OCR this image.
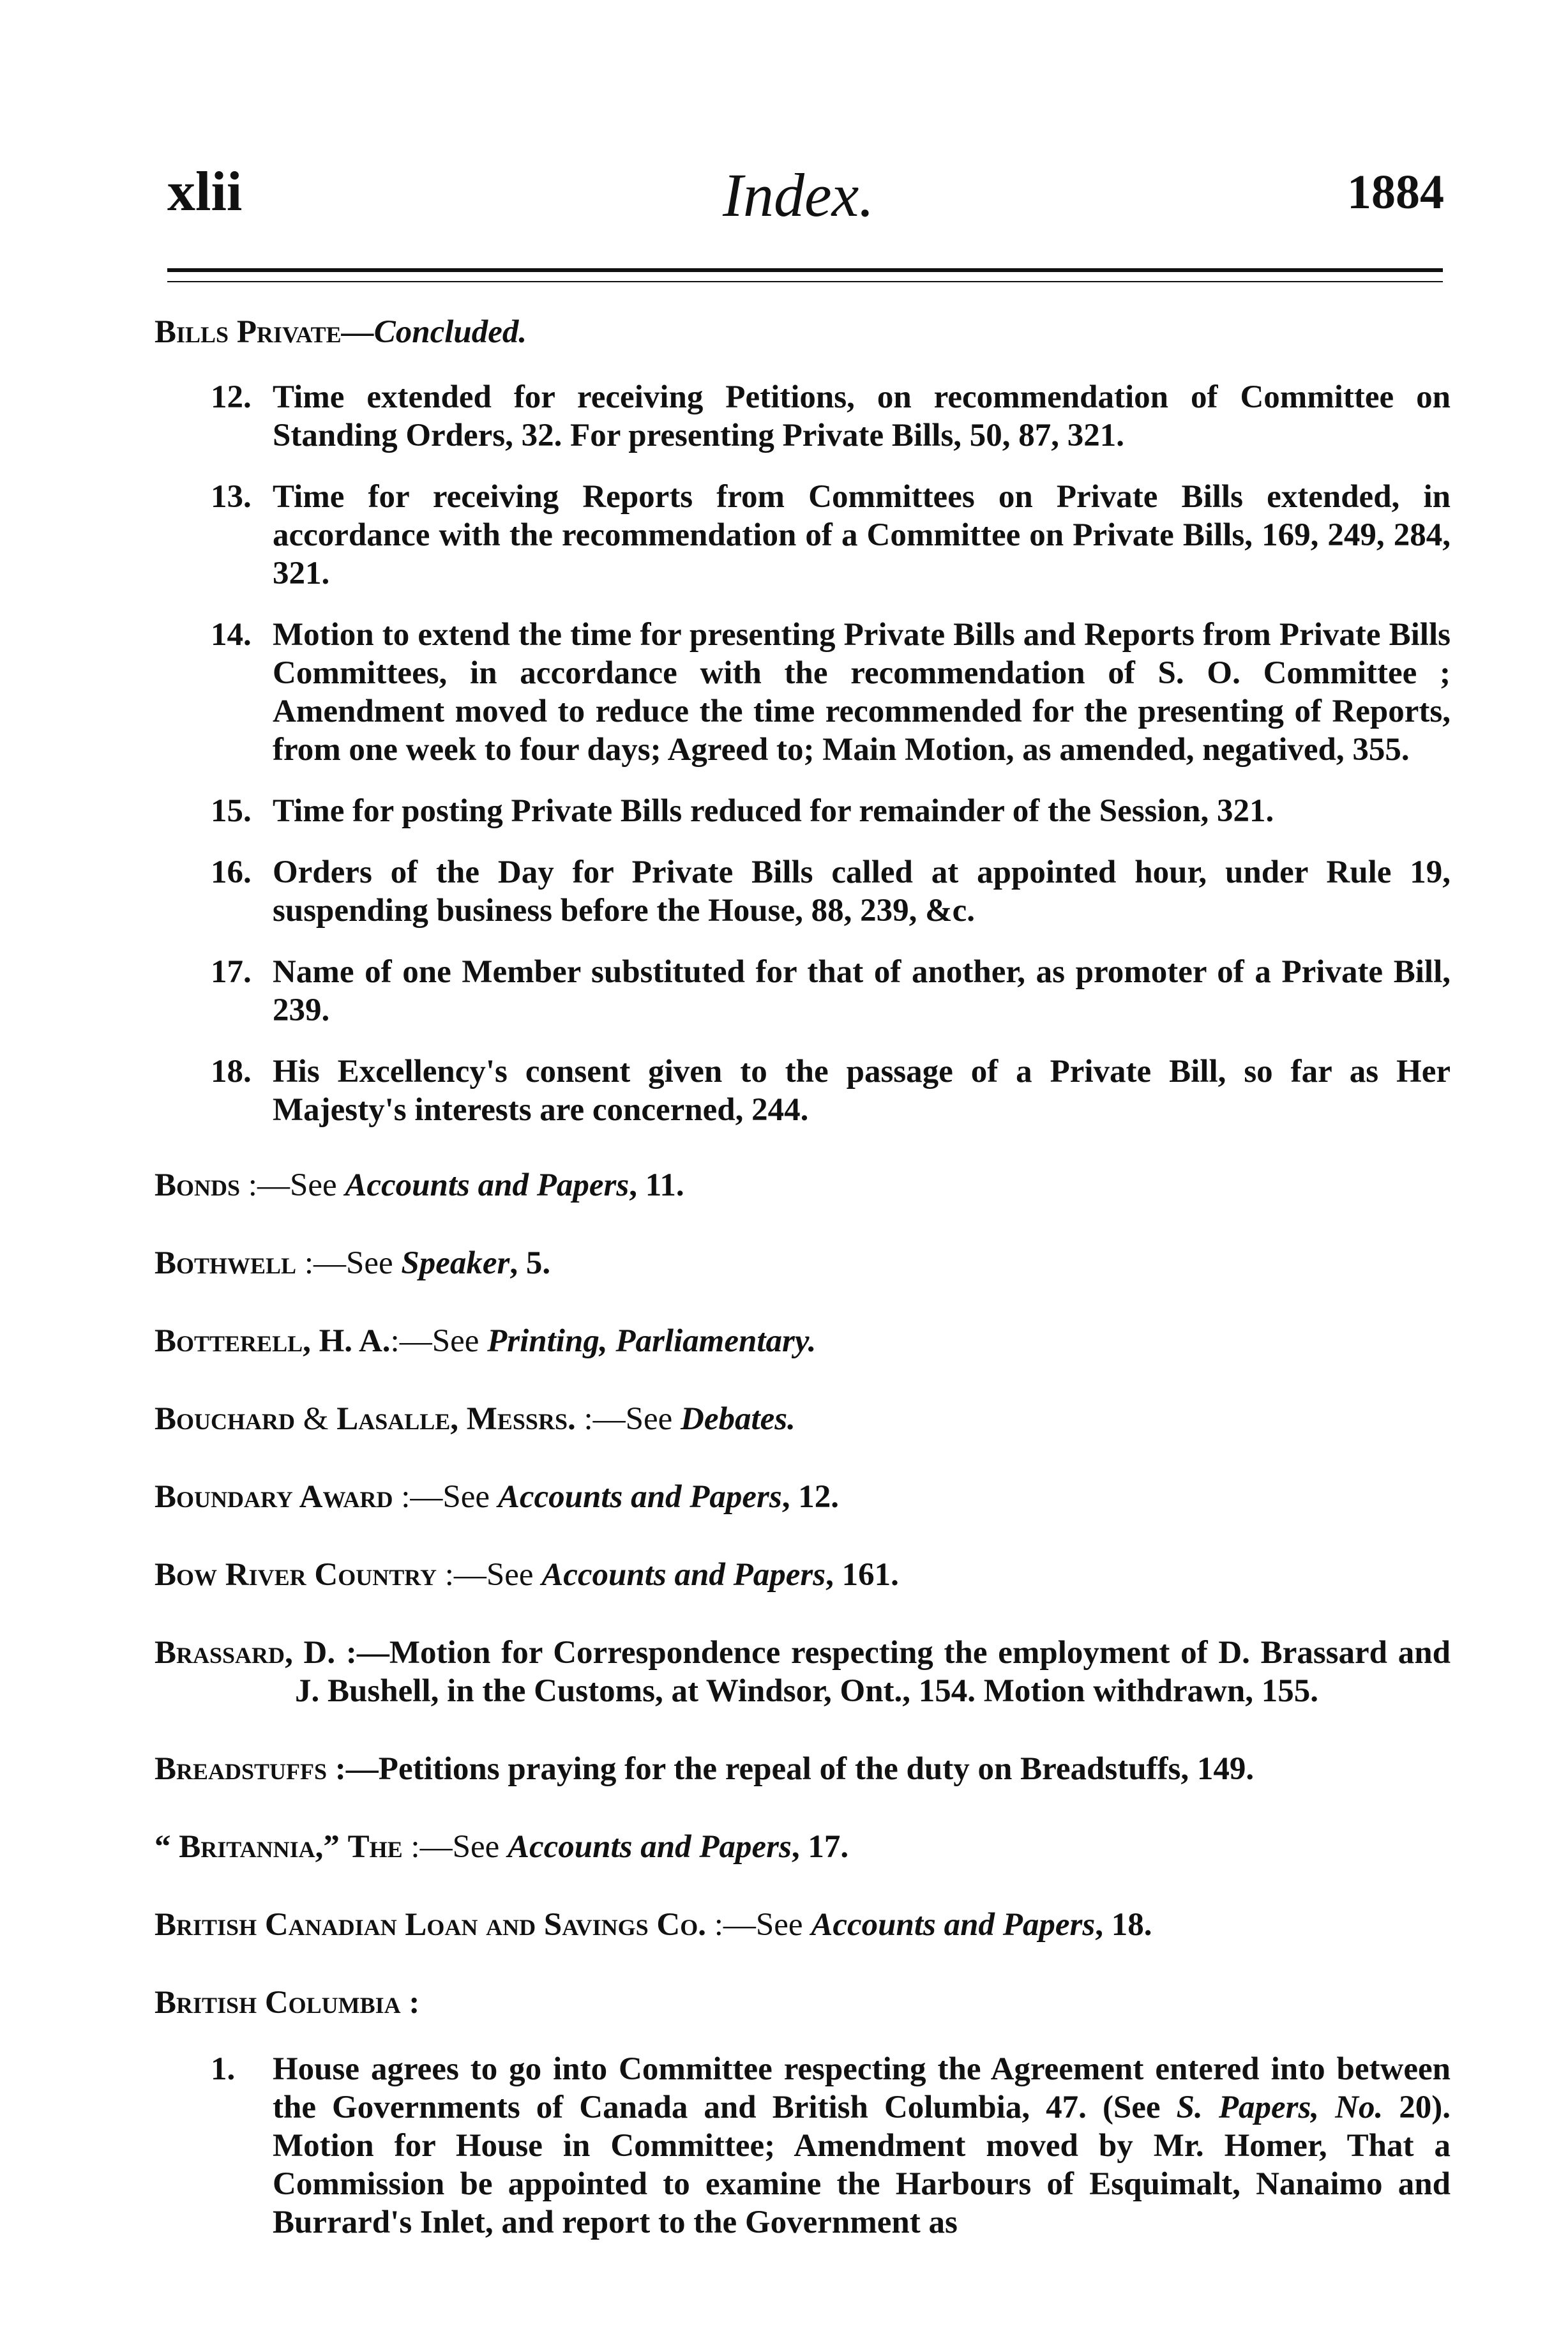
xlii	Index.	1884
Bills Private—Concluded.
12. Time extended for receiving Petitions, on recommendation of Committee on Standing Orders, 32. For presenting Private Bills, 50, 87, 321.
13. Time for receiving Reports from Committees on Private Bills extended, in accordance with the recommendation of a Committee on Private Bills, 169, 249, 284, 321.
14. Motion to extend the time for presenting Private Bills and Reports from Private Bills Committees, in accordance with the recommendation of S. O. Committee ; Amendment moved to reduce the time recommended for the presenting of Reports, from one week to four days; Agreed to; Main Motion, as amended, negatived, 355.
15. Time for posting Private Bills reduced for remainder of the Session, 321.
16. Orders of the Day for Private Bills called at appointed hour, under Rule 19, suspending business before the House, 88, 239, &c.
17. Name of one Member substituted for that of another, as promoter of a Private Bill, 239.
18. His Excellency's consent given to the passage of a Private Bill, so far as Her Majesty's interests are concerned, 244.
Bonds :—See Accounts and Papers, 11.
Bothwell :—See Speaker, 5.
Botterell, H. A.:—See Printing, Parliamentary.
Bouchard & Lasalle, Messrs. :—See Debates.
Boundary Award :—See Accounts and Papers, 12.
Bow River Country :—See Accounts and Papers, 161.
Brassard, D. :—Motion for Correspondence respecting the employment of D. Brassard and J. Bushell, in the Customs, at Windsor, Ont., 154. Motion withdrawn, 155.
Breadstuffs :—Petitions praying for the repeal of the duty on Breadstuffs, 149.
“ Britannia,” The :—See Accounts and Papers, 17.
British Canadian Loan and Savings Co. :—See Accounts and Papers, 18.
British Columbia :
1. House agrees to go into Committee respecting the Agreement entered into between the Governments of Canada and British Columbia, 47. (See S. Papers, No. 20). Motion for House in Committee; Amendment moved by Mr. Homer, That a Commission be appointed to examine the Harbours of Esquimalt, Nanaimo and Burrard's Inlet, and report to the Government as
